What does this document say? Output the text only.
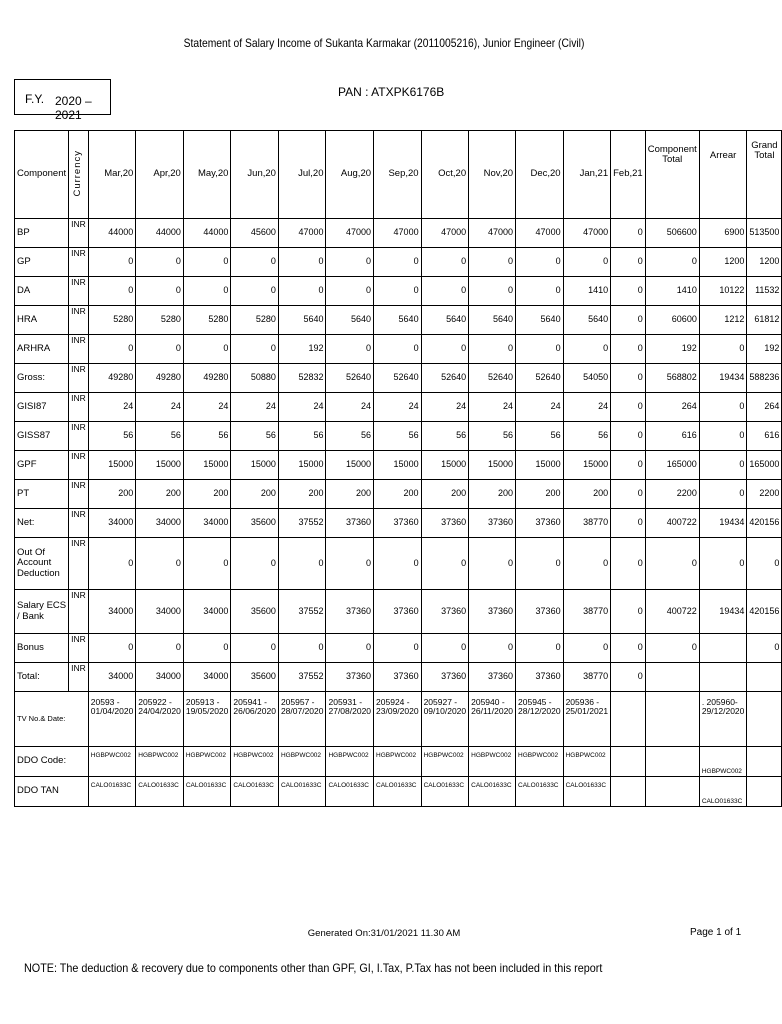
Statement of Salary Income of Sukanta Karmakar (2011005216), Junior Engineer (Civil)
F.Y. 2020 – 2021
PAN : ATXPK6176B
Component	Currency	Mar,20	Apr,20	May,20	Jun,20	Jul,20	Aug,20	Sep,20	Oct,20	Nov,20	Dec,20	Jan,21	Feb,21	Component Total	Arrear	Grand Total
BP	INR	44000	44000	44000	45600	47000	47000	47000	47000	47000	47000	47000	0	506600	6900	513500
GP	INR	0	0	0	0	0	0	0	0	0	0	0	0	0	1200	1200
DA	INR	0	0	0	0	0	0	0	0	0	0	1410	0	1410	10122	11532
HRA	INR	5280	5280	5280	5280	5640	5640	5640	5640	5640	5640	5640	0	60600	1212	61812
ARHRA	INR	0	0	0	0	192	0	0	0	0	0	0	0	192	0	192
Gross:	INR	49280	49280	49280	50880	52832	52640	52640	52640	52640	52640	54050	0	568802	19434	588236
GISI87	INR	24	24	24	24	24	24	24	24	24	24	24	0	264	0	264
GISS87	INR	56	56	56	56	56	56	56	56	56	56	56	0	616	0	616
GPF	INR	15000	15000	15000	15000	15000	15000	15000	15000	15000	15000	15000	0	165000	0	165000
PT	INR	200	200	200	200	200	200	200	200	200	200	200	0	2200	0	2200
Net:	INR	34000	34000	34000	35600	37552	37360	37360	37360	37360	37360	38770	0	400722	19434	420156
Out Of Account Deduction	INR	0	0	0	0	0	0	0	0	0	0	0	0	0	0	0
Salary ECS / Bank	INR	34000	34000	34000	35600	37552	37360	37360	37360	37360	37360	38770	0	400722	19434	420156
Bonus	INR	0	0	0	0	0	0	0	0	0	0	0	0	0		0
Total:	INR	34000	34000	34000	35600	37552	37360	37360	37360	37360	37360	38770	0			
TV No.& Date:		20593 - 01/04/2020	205922 - 24/04/2020	205913 - 19/05/2020	205941 - 26/06/2020	205957 - 28/07/2020	205931 - 27/08/2020	205924 - 23/09/2020	205927 - 09/10/2020	205940 - 26/11/2020	205945 - 28/12/2020	205936 - 25/01/2021			. 205960- 29/12/2020	
DDO Code:		HGBPWC002	HGBPWC002	HGBPWC002	HGBPWC002	HGBPWC002	HGBPWC002	HGBPWC002	HGBPWC002	HGBPWC002	HGBPWC002	HGBPWC002			HGBPWC002	
DDO TAN		CALO01633C	CALO01633C	CALO01633C	CALO01633C	CALO01633C	CALO01633C	CALO01633C	CALO01633C	CALO01633C	CALO01633C	CALO01633C			CALO01633C	
Generated On:31/01/2021 11.30 AM	Page 1 of 1
NOTE: The deduction & recovery due to components other than GPF, GI, I.Tax, P.Tax has not been included in this report
